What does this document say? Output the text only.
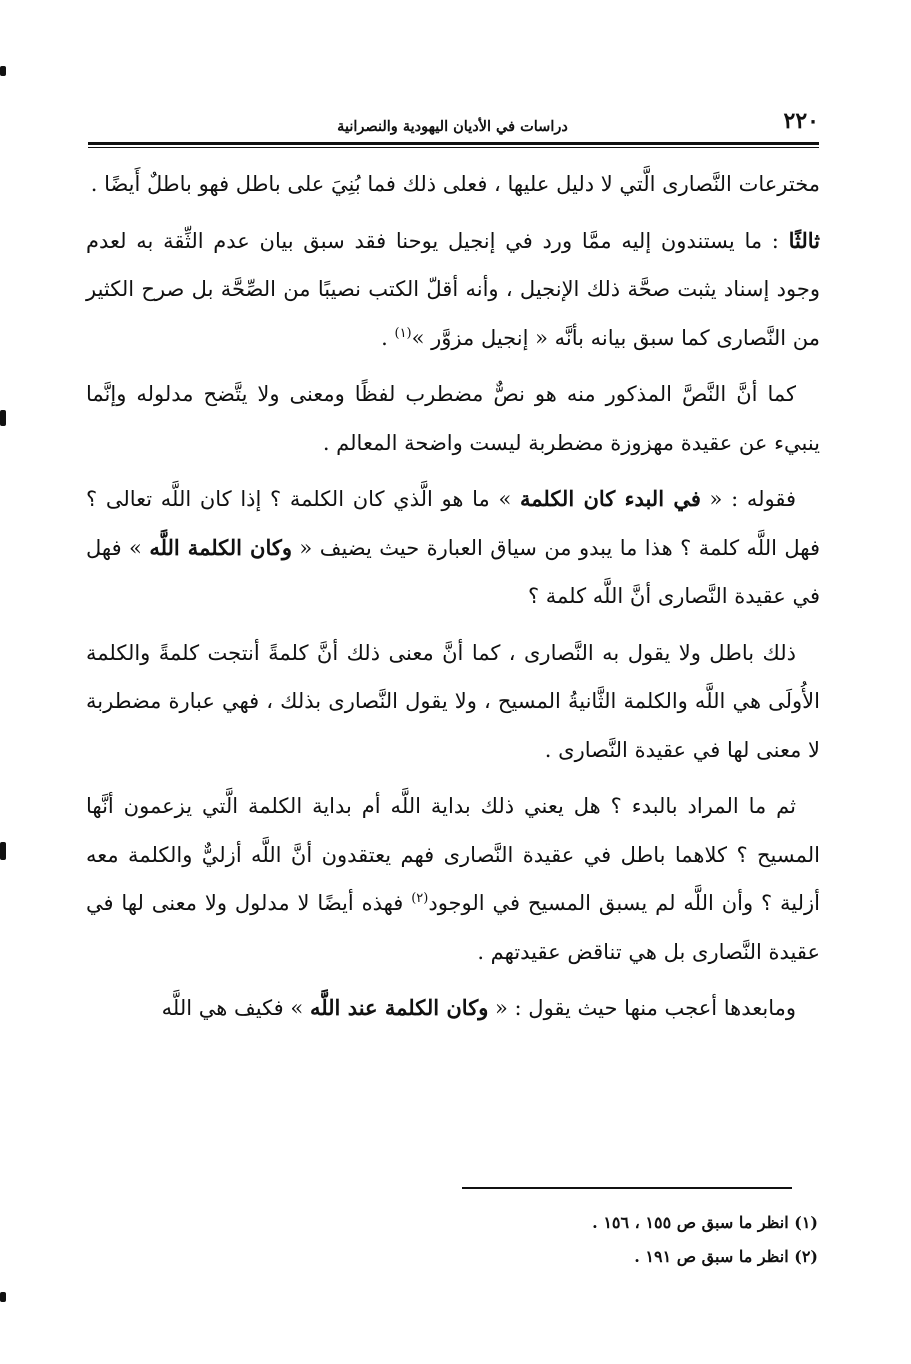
دراسات في الأديان اليهودية والنصرانية	٢٢٠

مخترعات النَّصارى الَّتي لا دليل عليها ، فعلى ذلك فما بُنِيَ على باطل فهو باطلٌ أَيضًا .

ثالثًا : ما يستندون إليه ممَّا ورد في إنجيل يوحنا فقد سبق بيان عدم الثِّقة به لعدم وجود إسناد يثبت صحَّة ذلك الإنجيل ، وأنه أقلّ الكتب نصيبًا من الصِّحَّة بل صرح الكثير من النَّصارى كما سبق بيانه بأنَّه « إنجيل مزوَّر »$^{(١)}$ .

كما أنَّ النَّصَّ المذكور منه هو نصٌّ مضطرب لفظًا ومعنى ولا يتَّضح مدلوله وإنَّما ينبيء عن عقيدة مهزوزة مضطربة ليست واضحة المعالم .

فقوله : « في البدء كان الكلمة » ما هو الَّذي كان الكلمة ؟ إذا كان اللَّه تعالى ؟ فهل اللَّه كلمة ؟ هذا ما يبدو من سياق العبارة حيث يضيف « وكان الكلمة اللَّه » فهل في عقيدة النَّصارى أنَّ اللَّه كلمة ؟

ذلك باطل ولا يقول به النَّصارى ، كما أنَّ معنى ذلك أنَّ كلمةً أنتجت كلمةً والكلمة الأُولَى هي اللَّه والكلمة الثَّانيةُ المسيح ، ولا يقول النَّصارى بذلك ، فهي عبارة مضطربة لا معنى لها في عقيدة النَّصارى .

ثم ما المراد بالبدء ؟ هل يعني ذلك بداية اللَّه أم بداية الكلمة الَّتي يزعمون أنَّها المسيح ؟ كلاهما باطل في عقيدة النَّصارى فهم يعتقدون أنَّ اللَّه أزليٌّ والكلمة معه أزلية ؟ وأن اللَّه لم يسبق المسيح في الوجود$^{(٢)}$ فهذه أيضًا لا مدلول ولا معنى لها في عقيدة النَّصارى بل هي تناقض عقيدتهم .

ومابعدها أعجب منها حيث يقول : « وكان الكلمة عند اللَّه » فكيف هي اللَّه

(١) انظر ما سبق ص ١٥٥ ، ١٥٦ .

(٢) انظر ما سبق ص ١٩١ .
